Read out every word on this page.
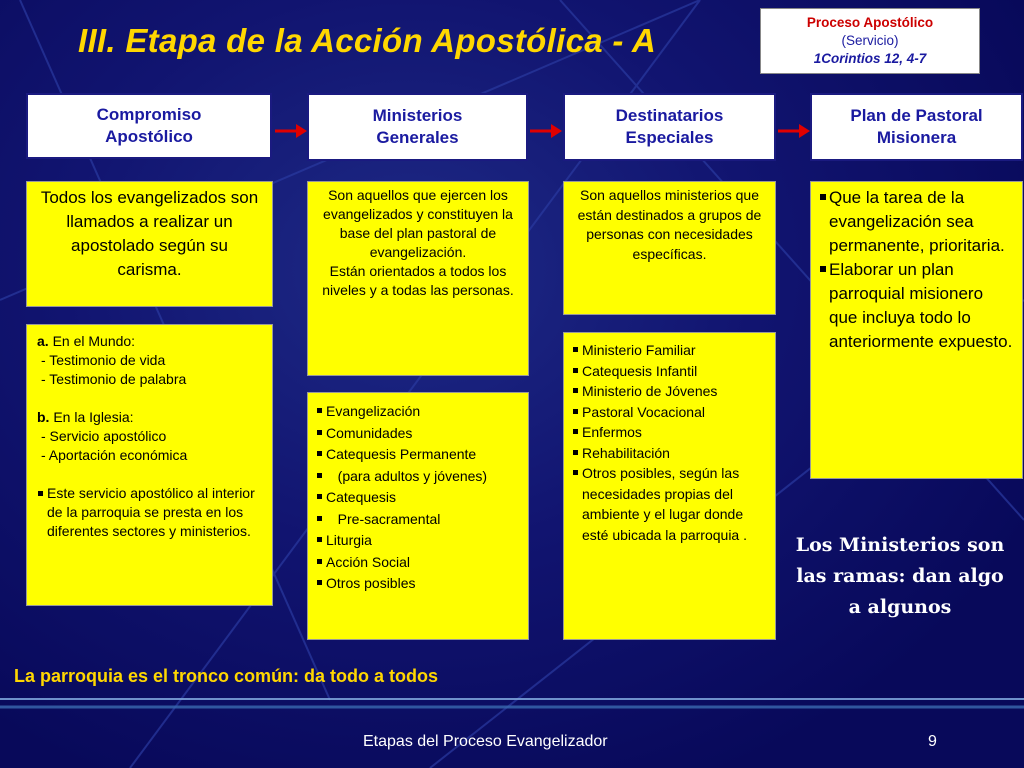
III. Etapa de la Acción Apostólica - A	Proceso Apostólico
(Servicio)
1Corintios 12, 4-7
Compromiso
Apostólico
Ministerios
Generales
Destinatarios
Especiales
Plan de Pastoral
Misionera
Todos los evangelizados son llamados a realizar un apostolado según su carisma.
a. En el Mundo:
- Testimonio de vida
- Testimonio de palabra
b. En la Iglesia:
- Servicio apostólico
- Aportación económica
Este servicio apostólico al interior de la parroquia se presta en los diferentes sectores y ministerios.
Son aquellos que ejercen los evangelizados y constituyen la base del plan pastoral de evangelización.
Están orientados a todos los niveles y a todas las personas.
Evangelización
Comunidades
Catequesis Permanente
(para adultos y jóvenes)
Catequesis
Pre-sacramental
Liturgia
Acción Social
Otros posibles
Son aquellos ministerios que están destinados a grupos de personas con necesidades específicas.
Ministerio Familiar
Catequesis Infantil
Ministerio de Jóvenes
Pastoral Vocacional
Enfermos
Rehabilitación
Otros posibles, según las necesidades propias del ambiente y el lugar donde esté ubicada la parroquia .
Que la tarea de la evangelización sea permanente, prioritaria.
Elaborar un plan parroquial misionero que incluya todo lo anteriormente expuesto.
Los Ministerios son las ramas: dan algo a algunos
La parroquia es el tronco común: da todo a todos
Etapas del Proceso Evangelizador	9
